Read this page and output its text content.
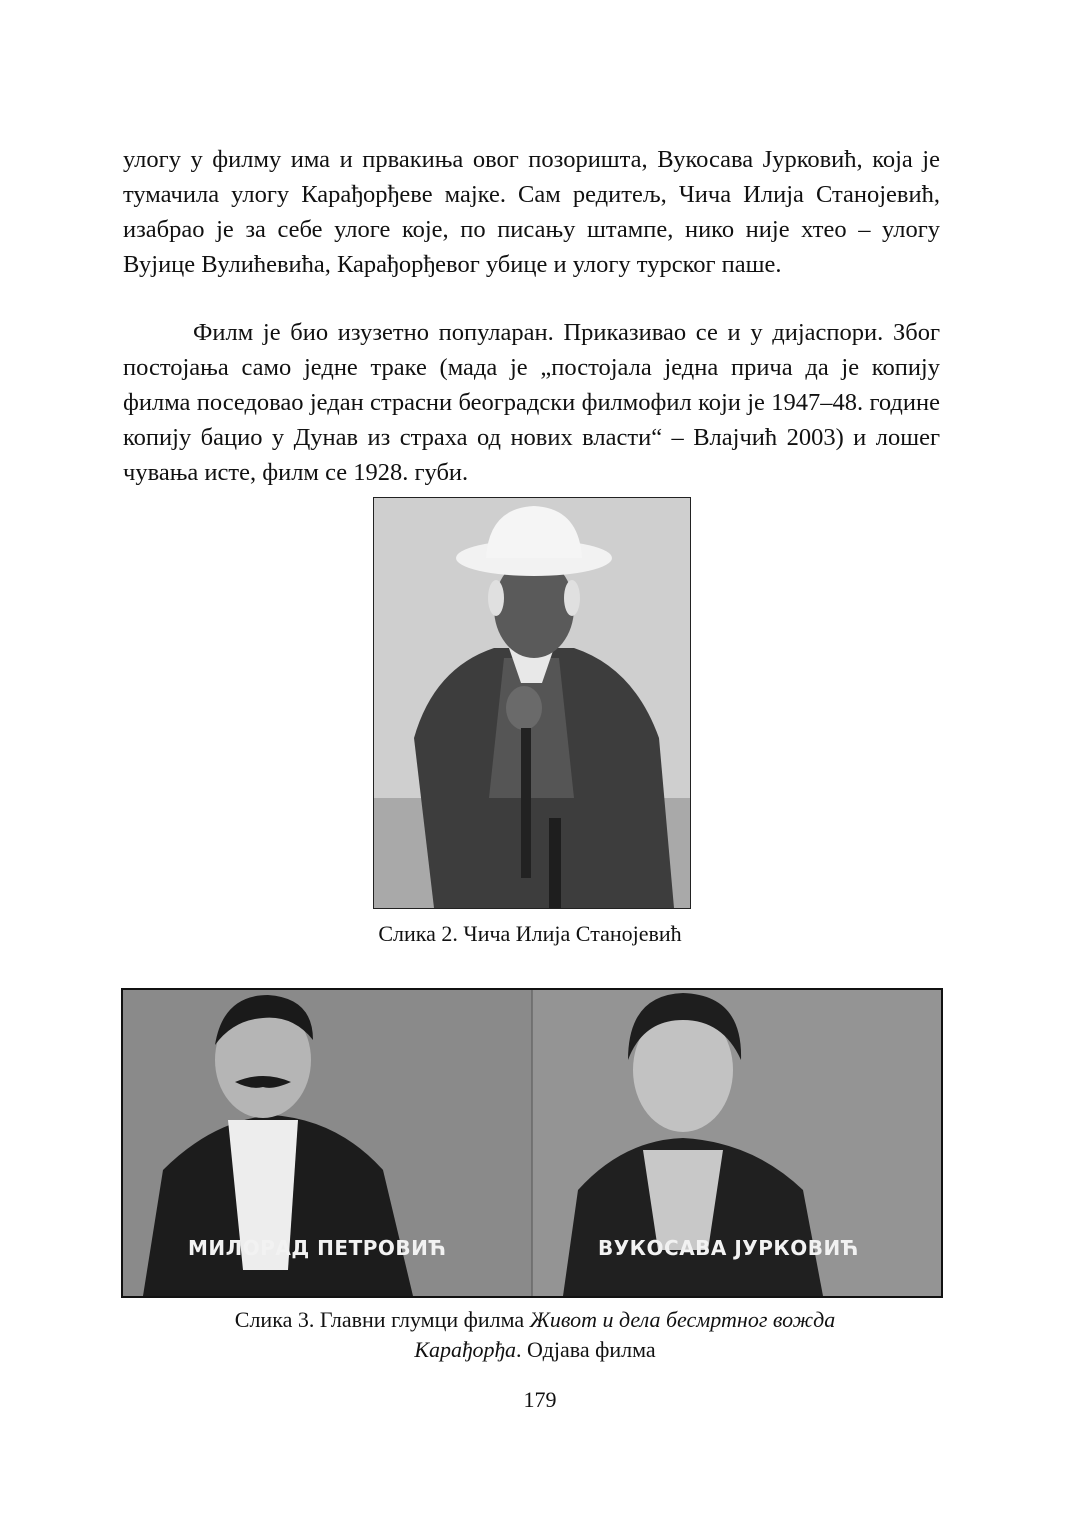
улогу у филму има и првакиња овог позоришта, Вукосава Јурковић, која је тумачила улогу Карађорђеве мајке. Сам редитељ, Чича Илија Станојевић, изабрао је за себе улоге које, по писању штампе, нико није хтео – улогу Вујице Вулићевића, Карађорђевог убице и улогу турског паше.

Филм је био изузетно популаран. Приказивао се и у дијаспори. Због постојања само једне траке (мада је „постојала једна прича да је копију филма поседовао један страсни београдски филмофил који је 1947–48. године копију бацио у Дунав из страха од нових власти“ – Влајчић 2003) и лошег чувања исте, филм се 1928. губи.

Слика 2. Чича Илија Станојевић
МИЛОРАД ПЕТРОВИЋ	ВУКОСАВА ЈУРКОВИЋ
Слика 3. Главни глумци филма Живот и дела бесмртног вожда Карађорђа. Одјава филма
179
